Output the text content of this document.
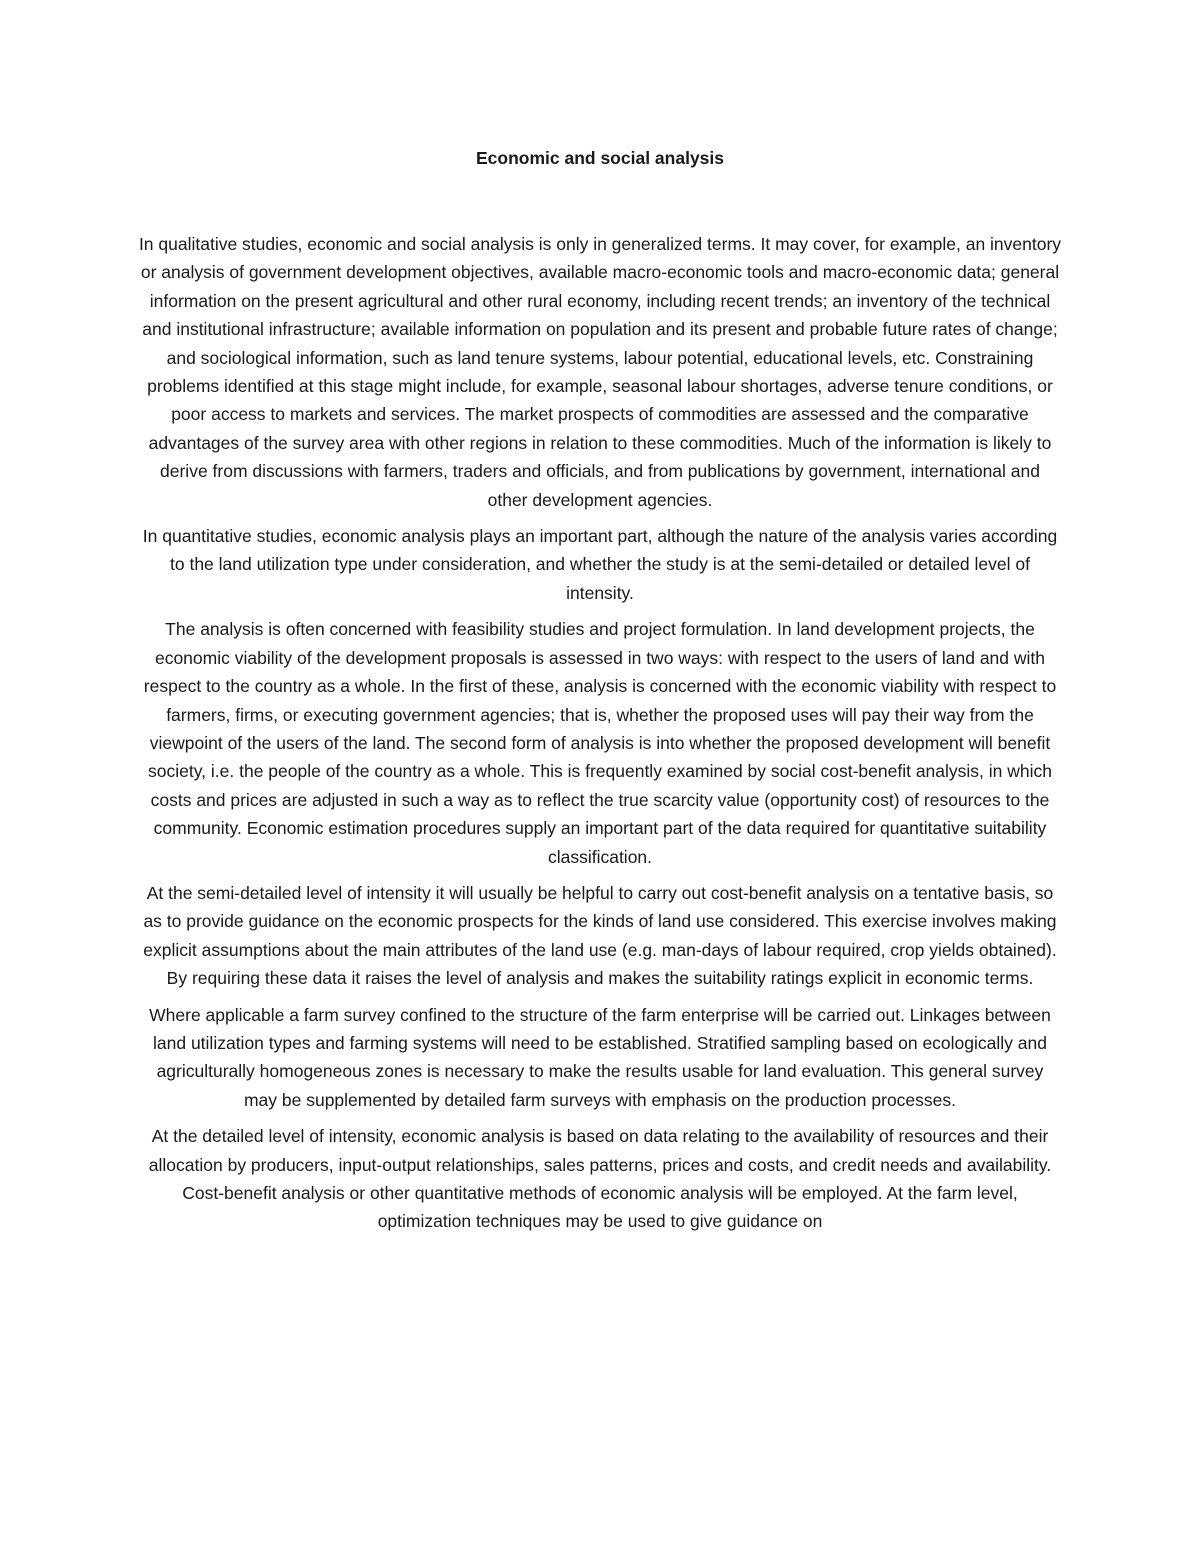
Economic and social analysis

In qualitative studies, economic and social analysis is only in generalized terms. It may cover, for example, an inventory or analysis of government development objectives, available macro-economic tools and macro-economic data; general information on the present agricultural and other rural economy, including recent trends; an inventory of the technical and institutional infrastructure; available information on population and its present and probable future rates of change; and sociological information, such as land tenure systems, labour potential, educational levels, etc. Constraining problems identified at this stage might include, for example, seasonal labour shortages, adverse tenure conditions, or poor access to markets and services. The market prospects of commodities are assessed and the comparative advantages of the survey area with other regions in relation to these commodities. Much of the information is likely to derive from discussions with farmers, traders and officials, and from publications by government, international and other development agencies.

In quantitative studies, economic analysis plays an important part, although the nature of the analysis varies according to the land utilization type under consideration, and whether the study is at the semi-detailed or detailed level of intensity.

The analysis is often concerned with feasibility studies and project formulation. In land development projects, the economic viability of the development proposals is assessed in two ways: with respect to the users of land and with respect to the country as a whole. In the first of these, analysis is concerned with the economic viability with respect to farmers, firms, or executing government agencies; that is, whether the proposed uses will pay their way from the viewpoint of the users of the land. The second form of analysis is into whether the proposed development will benefit society, i.e. the people of the country as a whole. This is frequently examined by social cost-benefit analysis, in which costs and prices are adjusted in such a way as to reflect the true scarcity value (opportunity cost) of resources to the community. Economic estimation procedures supply an important part of the data required for quantitative suitability classification.

At the semi-detailed level of intensity it will usually be helpful to carry out cost-benefit analysis on a tentative basis, so as to provide guidance on the economic prospects for the kinds of land use considered. This exercise involves making explicit assumptions about the main attributes of the land use (e.g. man-days of labour required, crop yields obtained). By requiring these data it raises the level of analysis and makes the suitability ratings explicit in economic terms.

Where applicable a farm survey confined to the structure of the farm enterprise will be carried out. Linkages between land utilization types and farming systems will need to be established. Stratified sampling based on ecologically and agriculturally homogeneous zones is necessary to make the results usable for land evaluation. This general survey may be supplemented by detailed farm surveys with emphasis on the production processes.

At the detailed level of intensity, economic analysis is based on data relating to the availability of resources and their allocation by producers, input-output relationships, sales patterns, prices and costs, and credit needs and availability. Cost-benefit analysis or other quantitative methods of economic analysis will be employed. At the farm level, optimization techniques may be used to give guidance on
